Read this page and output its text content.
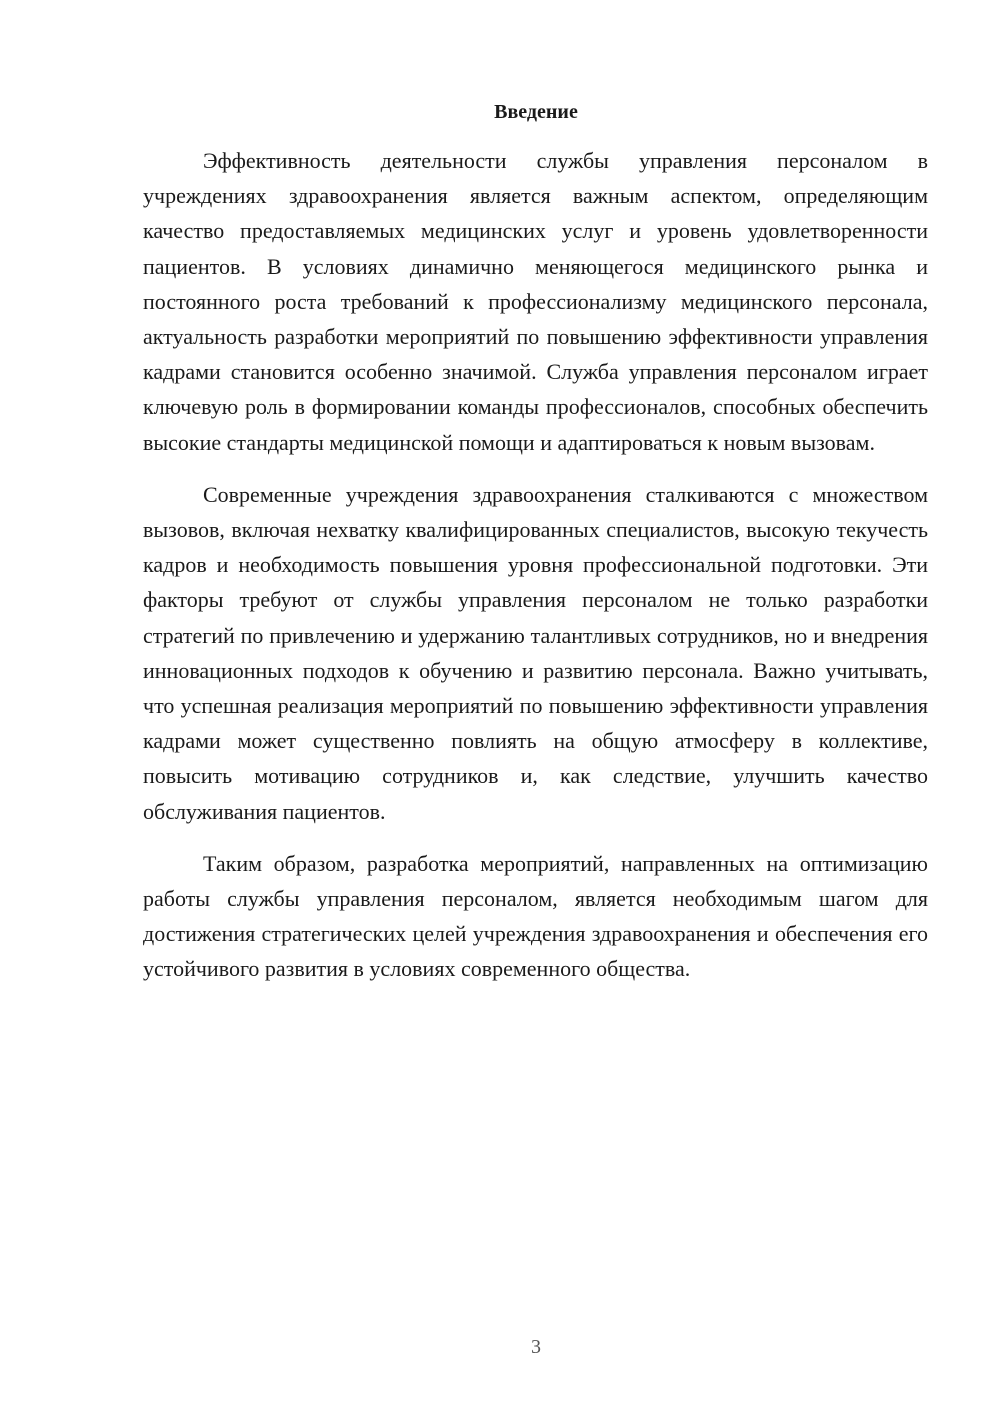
Введение

Эффективность деятельности службы управления персоналом в учреждениях здравоохранения является важным аспектом, определяющим качество предоставляемых медицинских услуг и уровень удовлетворенности пациентов. В условиях динамично меняющегося медицинского рынка и постоянного роста требований к профессионализму медицинского персонала, актуальность разработки мероприятий по повышению эффективности управления кадрами становится особенно значимой. Служба управления персоналом играет ключевую роль в формировании команды профессионалов, способных обеспечить высокие стандарты медицинской помощи и адаптироваться к новым вызовам.

Современные учреждения здравоохранения сталкиваются с множеством вызовов, включая нехватку квалифицированных специалистов, высокую текучесть кадров и необходимость повышения уровня профессиональной подготовки. Эти факторы требуют от службы управления персоналом не только разработки стратегий по привлечению и удержанию талантливых сотрудников, но и внедрения инновационных подходов к обучению и развитию персонала. Важно учитывать, что успешная реализация мероприятий по повышению эффективности управления кадрами может существенно повлиять на общую атмосферу в коллективе, повысить мотивацию сотрудников и, как следствие, улучшить качество обслуживания пациентов.

Таким образом, разработка мероприятий, направленных на оптимизацию работы службы управления персоналом, является необходимым шагом для достижения стратегических целей учреждения здравоохранения и обеспечения его устойчивого развития в условиях современного общества.

3
